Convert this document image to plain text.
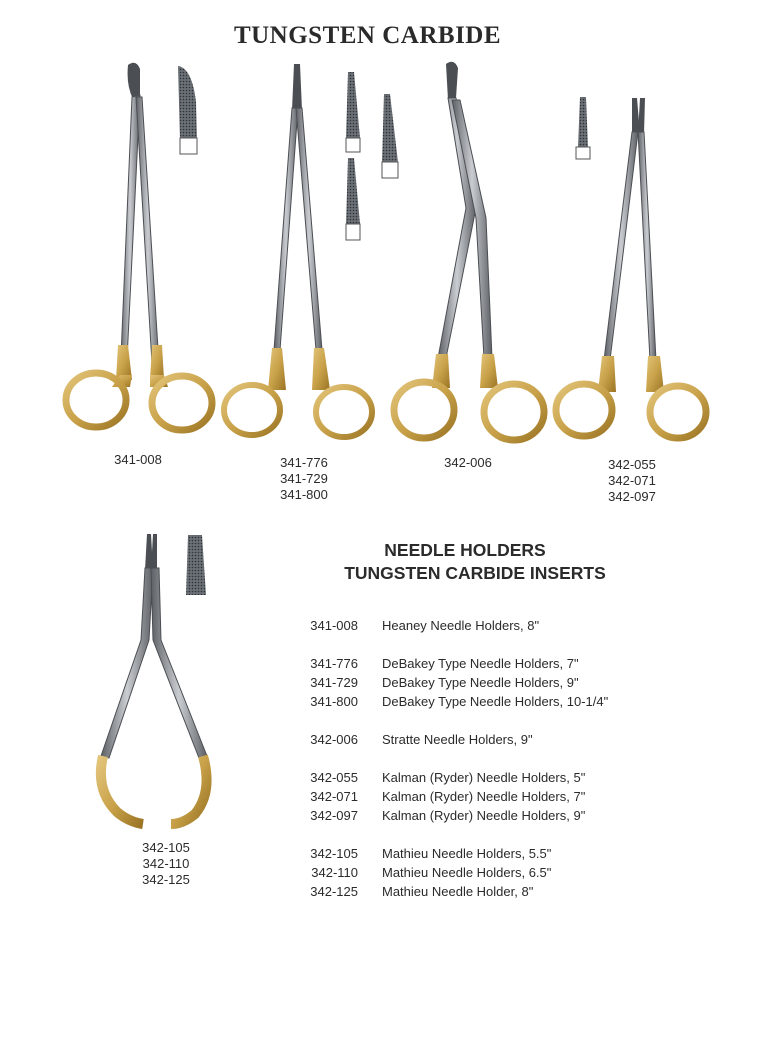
TUNGSTEN CARBIDE
341-008	341-776
341-729
341-800
342-006	342-055
342-071
342-097
342-105
342-110
342-125
NEEDLE HOLDERS
TUNGSTEN CARBIDE INSERTS
341-008 Heaney Needle Holders, 8"
341-776 DeBakey Type Needle Holders, 7"
341-729 DeBakey Type Needle Holders, 9"
341-800 DeBakey Type Needle Holders, 10-1/4"
342-006 Stratte Needle Holders, 9"
342-055 Kalman (Ryder) Needle Holders, 5"
342-071 Kalman (Ryder) Needle Holders, 7"
342-097 Kalman (Ryder) Needle Holders, 9"
342-105 Mathieu Needle Holders, 5.5"
342-110 Mathieu Needle Holders, 6.5"
342-125 Mathieu Needle Holder, 8"
